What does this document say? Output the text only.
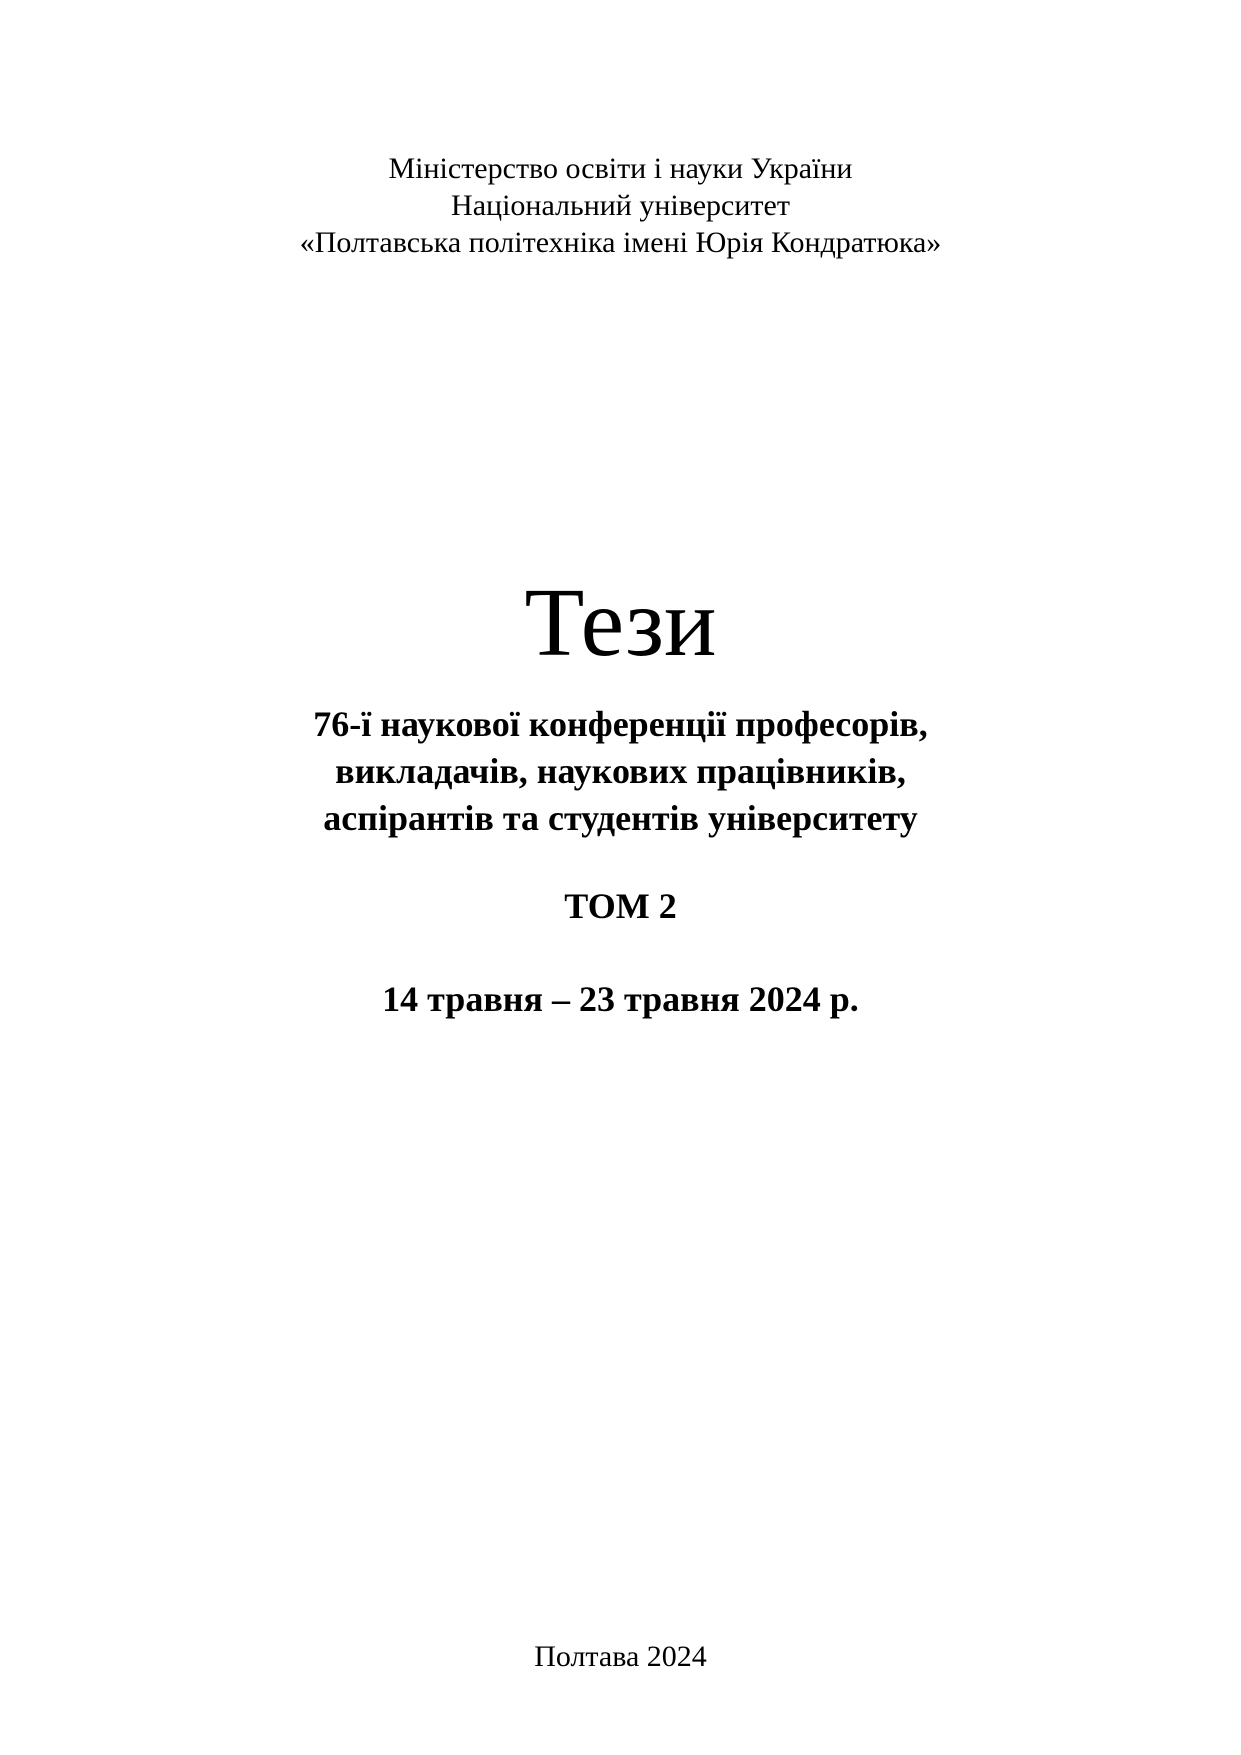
Міністерство освіти і науки України
Національний університет
«Полтавська політехніка імені Юрія Кондратюка»
Тези
76-ї наукової конференції професорів,
викладачів, наукових працівників,
аспірантів та студентів університету
ТОМ 2
14 травня – 23 травня 2024 р.
Полтава 2024
